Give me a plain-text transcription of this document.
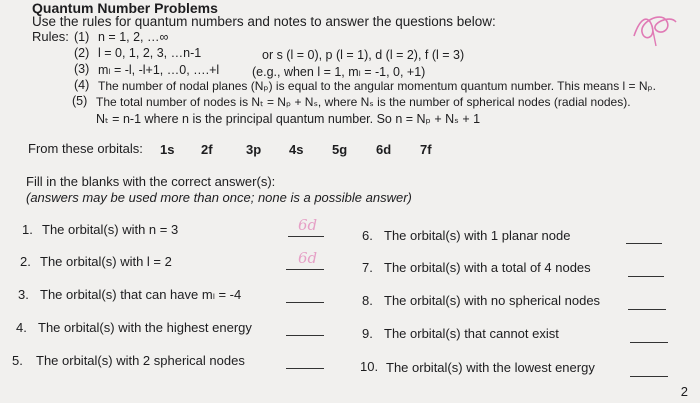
Quantum Number Problems
Use the rules for quantum numbers and notes to answer the questions below:
Rules: (1) n = 1, 2, …∞
(2) l = 0, 1, 2, 3, …n-1	or s (l = 0), p (l = 1), d (l = 2), f (l = 3)
(3) mₗ = -l, -l+1, …0, ….+l	(e.g., when l = 1, mₗ = -1, 0, +1)
(4) The number of nodal planes (Nₚ) is equal to the angular momentum quantum number. This means l = Nₚ.
(5) The total number of nodes is Nₜ = Nₚ + Nₛ, where Nₛ is the number of spherical nodes (radial nodes).
Nₜ = n-1 where n is the principal quantum number. So n = Nₚ + Nₛ + 1
From these orbitals: 1s 2f	3p 4s 5g 6d 7f
Fill in the blanks with the correct answer(s):
(answers may be used more than once; none is a possible answer)
1. The orbital(s) with n = 3	6d
2. The orbital(s) with l = 2	6d
3. The orbital(s) that can have mₗ = -4
4. The orbital(s) with the highest energy
5. The orbital(s) with 2 spherical nodes
6. The orbital(s) with 1 planar node
7. The orbital(s) with a total of 4 nodes
8. The orbital(s) with no spherical nodes
9. The orbital(s) that cannot exist
10. The orbital(s) with the lowest energy
2
